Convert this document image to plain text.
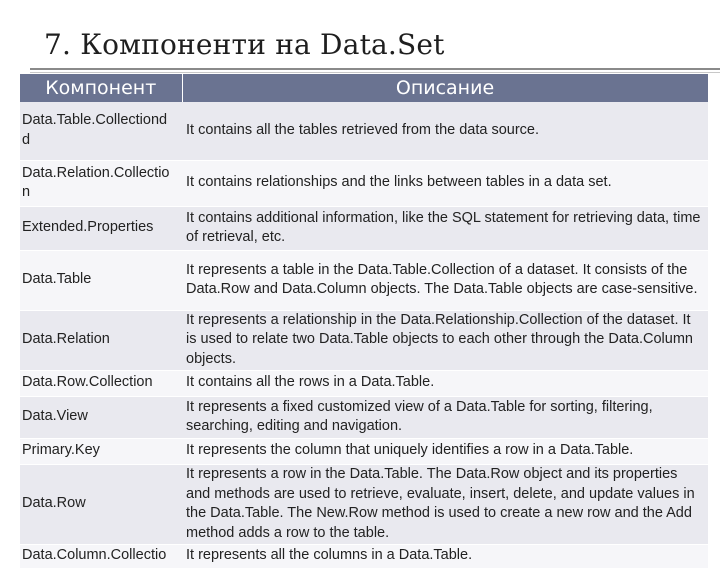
7. Компоненти на Data.Set
Компонент	Описание
Data.Table.Collectiond d	It contains all the tables retrieved from the data source.
Data.Relation.Collectio n	It contains relationships and the links between tables in a data set.
Extended.Properties	It contains additional information, like the SQL statement for retrieving data, time of retrieval, etc.
Data.Table	It represents a table in the Data.Table.Collection of a dataset. It consists of the Data.Row and Data.Column objects. The Data.Table objects are case-sensitive.
Data.Relation	It represents a relationship in the Data.Relationship.Collection of the dataset. It is used to relate two Data.Table objects to each other through the Data.Column objects.
Data.Row.Collection	It contains all the rows in a Data.Table.
Data.View	It represents a fixed customized view of a Data.Table for sorting, filtering, searching, editing and navigation.
Primary.Key	It represents the column that uniquely identifies a row in a Data.Table.
Data.Row	It represents a row in the Data.Table. The Data.Row object and its properties and methods are used to retrieve, evaluate, insert, delete, and update values in the Data.Table. The New.Row method is used to create a new row and the Add method adds a row to the table.
Data.Column.Collectio	It represents all the columns in a Data.Table.
